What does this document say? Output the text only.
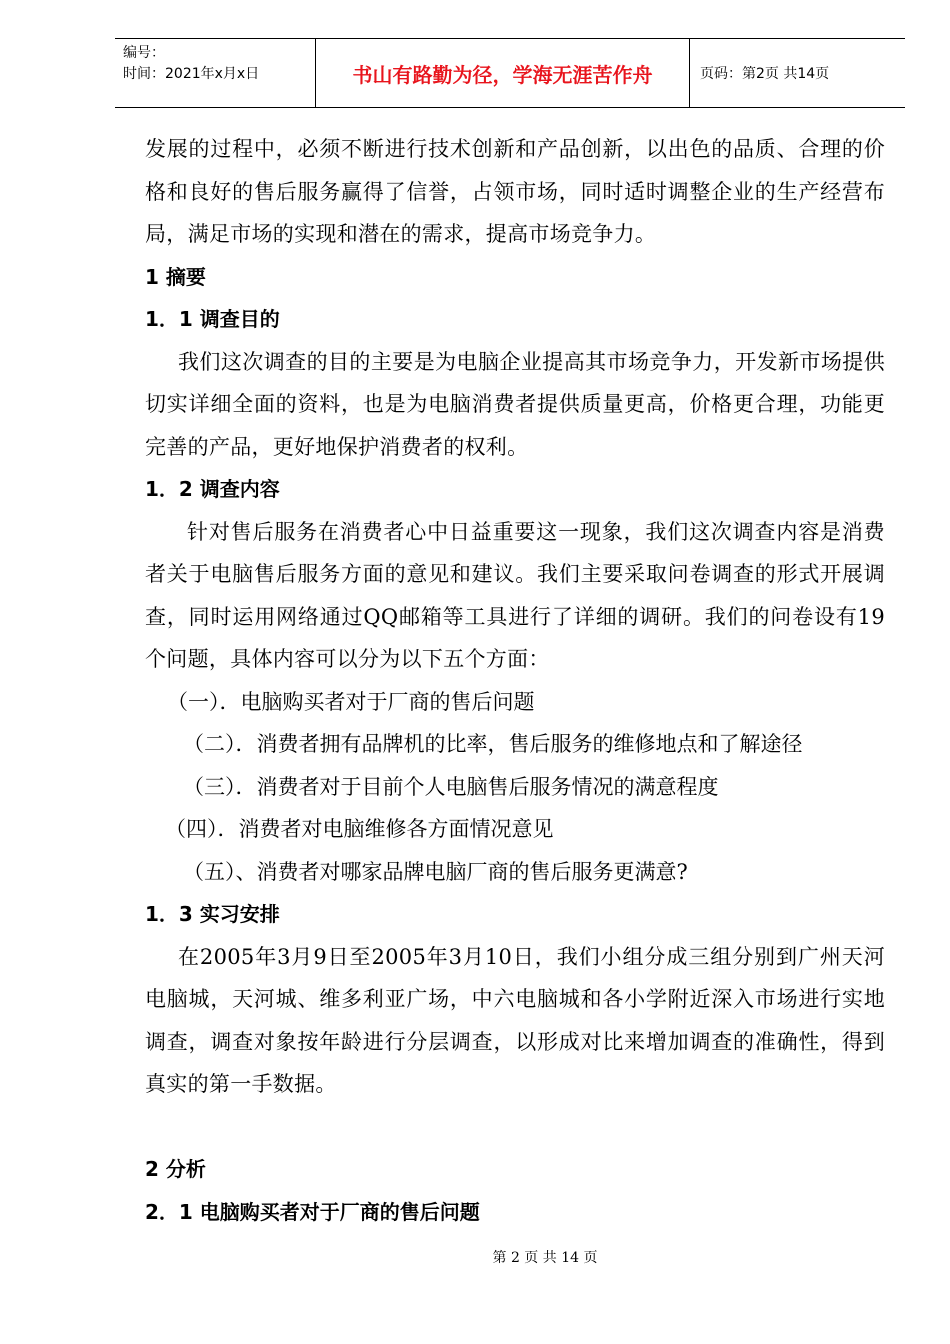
编号：
时间：2021年x月x日	书山有路勤为径，学海无涯苦作舟	页码：第2页 共14页

发展的过程中，必须不断进行技术创新和产品创新，以出色的品质、合理的价格和良好的售后服务赢得了信誉，占领市场，同时适时调整企业的生产经营布局，满足市场的实现和潜在的需求，提高市场竞争力。

1 摘要

1．1 调查目的

我们这次调查的目的主要是为电脑企业提高其市场竞争力，开发新市场提供切实详细全面的资料，也是为电脑消费者提供质量更高，价格更合理，功能更完善的产品，更好地保护消费者的权利。

1．2 调查内容

针对售后服务在消费者心中日益重要这一现象，我们这次调查内容是消费者关于电脑售后服务方面的意见和建议。我们主要采取问卷调查的形式开展调查，同时运用网络通过QQ邮箱等工具进行了详细的调研。我们的问卷设有19个问题，具体内容可以分为以下五个方面：

（一）．电脑购买者对于厂商的售后问题

（二）．消费者拥有品牌机的比率，售后服务的维修地点和了解途径

（三）．消费者对于目前个人电脑售后服务情况的满意程度

（四）．消费者对电脑维修各方面情况意见

（五）、消费者对哪家品牌电脑厂商的售后服务更满意?

1．3 实习安排

在2005年3月9日至2005年3月10日，我们小组分成三组分别到广州天河电脑城，天河城、维多利亚广场，中六电脑城和各小学附近深入市场进行实地调查，调查对象按年龄进行分层调查，以形成对比来增加调查的准确性，得到真实的第一手数据。

2 分析

2．1 电脑购买者对于厂商的售后问题

第 2 页 共 14 页
